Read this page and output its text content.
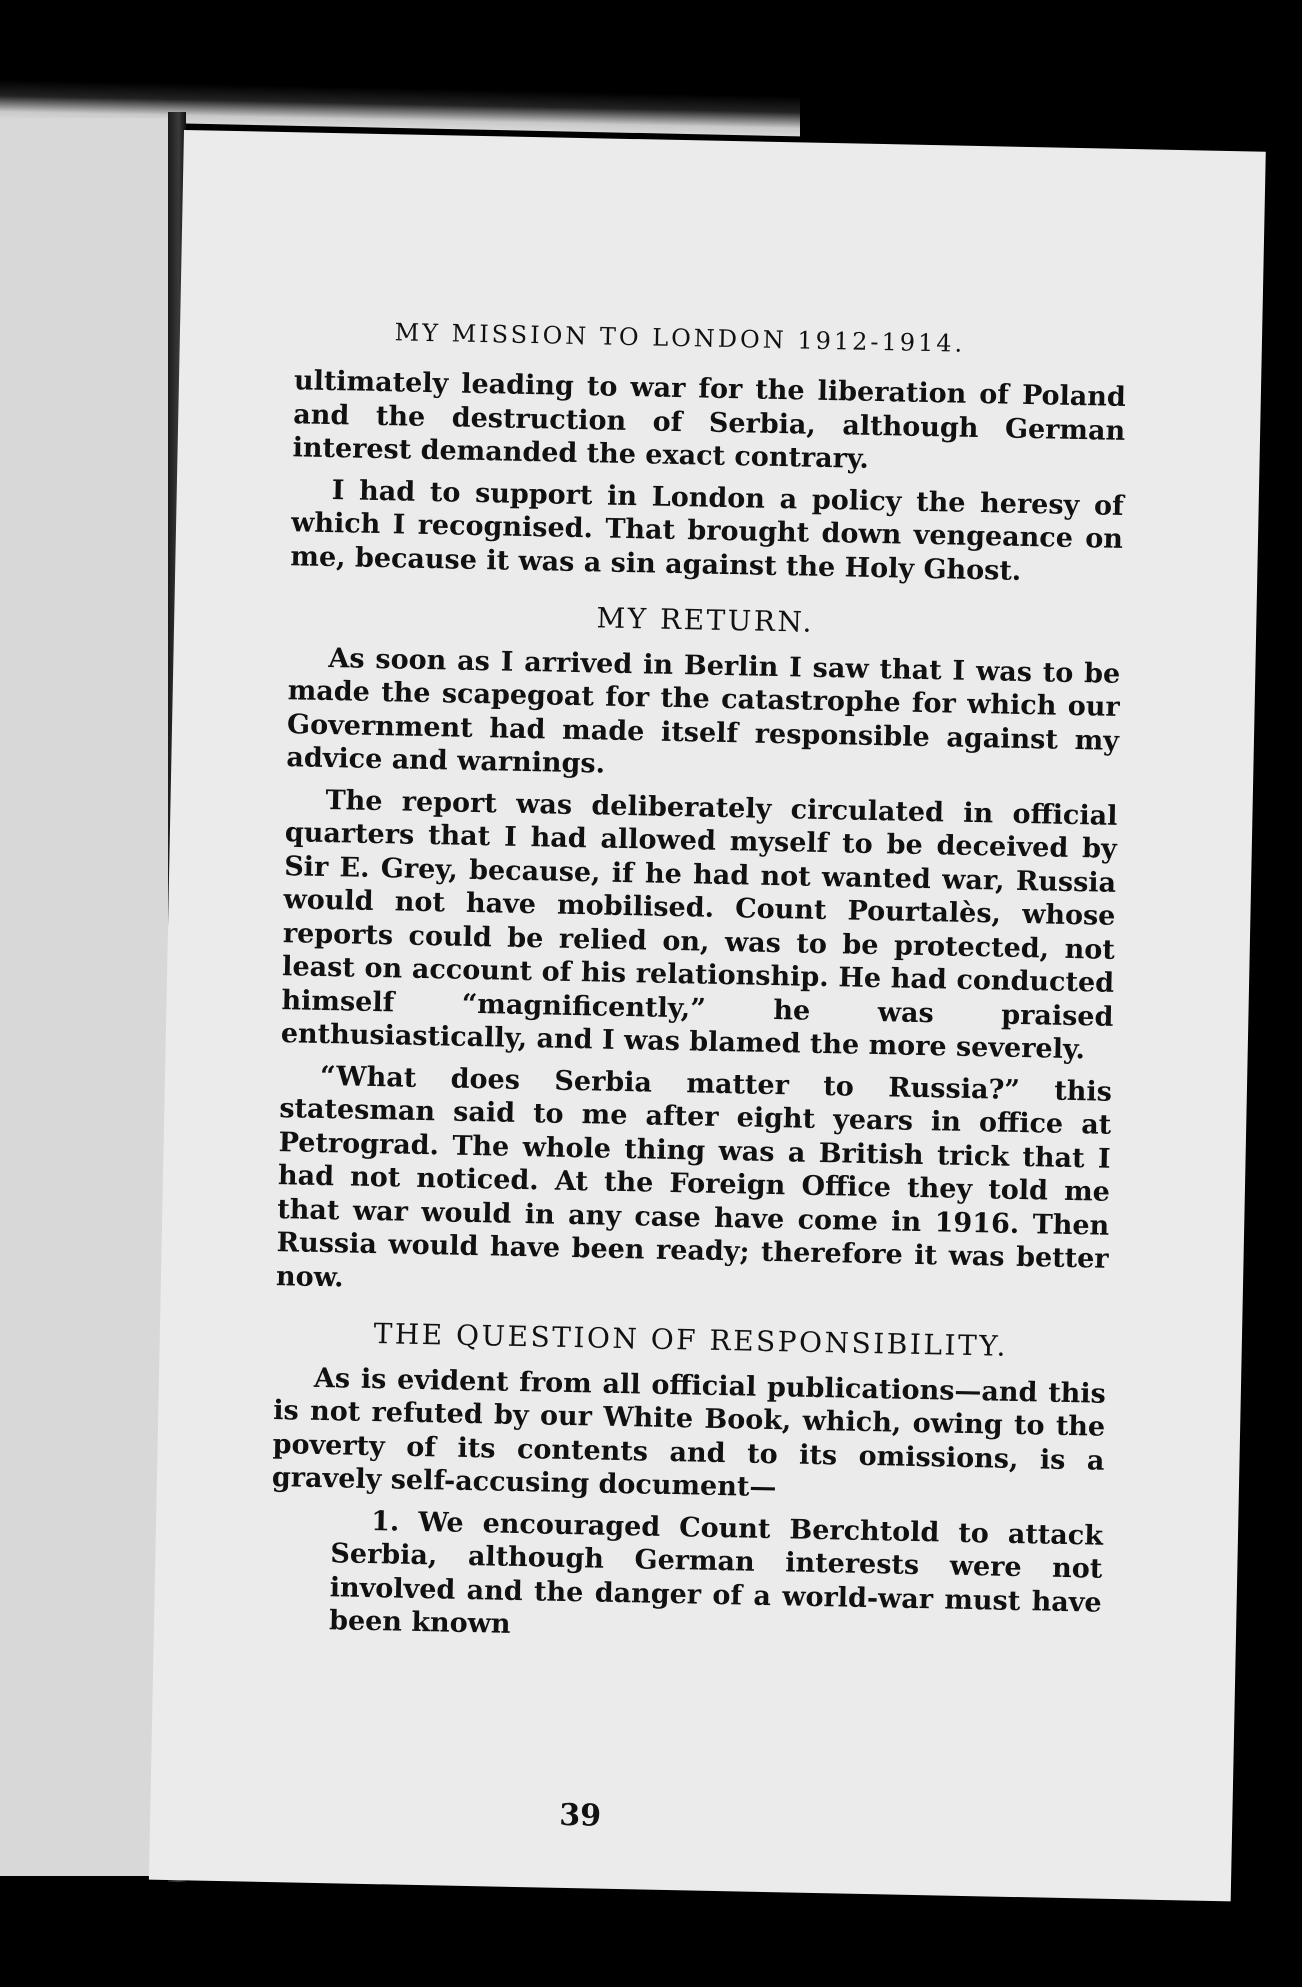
MY MISSION TO LONDON 1912-1914.

ultimately leading to war for the liberation of Poland and the destruction of Serbia, although German interest demanded the exact contrary.

I had to support in London a policy the heresy of which I recognised. That brought down vengeance on me, because it was a sin against the Holy Ghost.

MY RETURN.

As soon as I arrived in Berlin I saw that I was to be made the scapegoat for the catastrophe for which our Government had made itself responsible against my advice and warnings.

The report was deliberately circulated in official quarters that I had allowed myself to be deceived by Sir E. Grey, because, if he had not wanted war, Russia would not have mobilised. Count Pourtalès, whose reports could be relied on, was to be protected, not least on account of his relationship. He had conducted himself “magnificently,” he was praised enthusiastically, and I was blamed the more severely.

“What does Serbia matter to Russia?” this statesman said to me after eight years in office at Petrograd. The whole thing was a British trick that I had not noticed. At the Foreign Office they told me that war would in any case have come in 1916. Then Russia would have been ready; therefore it was better now.

THE QUESTION OF RESPONSIBILITY.

As is evident from all official publications—and this is not refuted by our White Book, which, owing to the poverty of its contents and to its omissions, is a gravely self-accusing document—

1. We encouraged Count Berchtold to attack Serbia, although German interests were not involved and the danger of a world-war must have been known

39
